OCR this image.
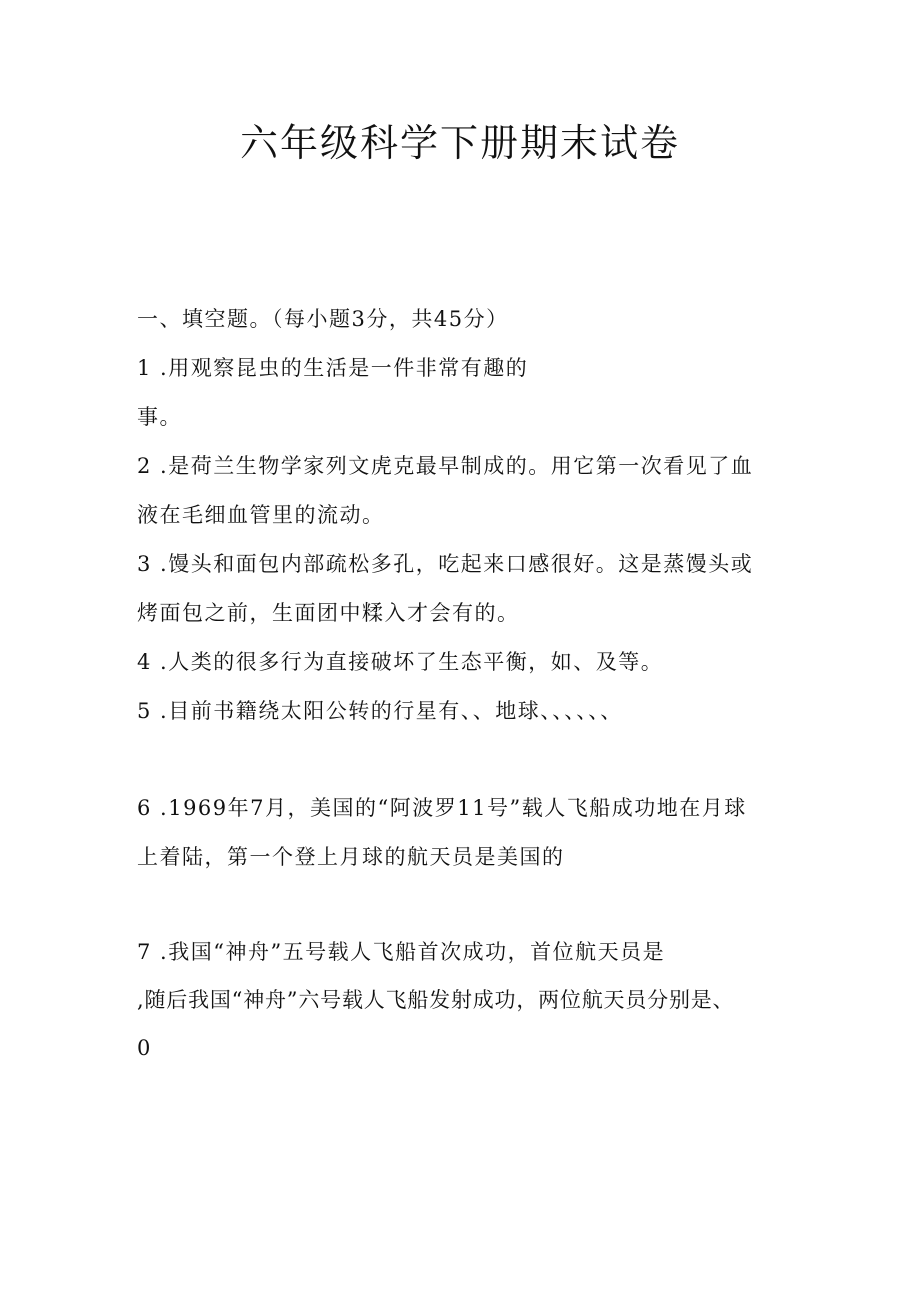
六年级科学下册期末试卷
一、填空题。（每小题3分，共45分）
1 .用观察昆虫的生活是一件非常有趣的
事。
2 .是荷兰生物学家列文虎克最早制成的。用它第一次看见了血
液在毛细血管里的流动。
3 .馒头和面包内部疏松多孔，吃起来口感很好。这是蒸馒头或
烤面包之前，生面团中糅入才会有的。
4 .人类的很多行为直接破坏了生态平衡，如、及等。
5 .目前书籍绕太阳公转的行星有、、地球、、、、、、
6 .1969年7月，美国的“阿波罗11号”载人飞船成功地在月球
上着陆，第一个登上月球的航天员是美国的
7 .我国“神舟”五号载人飞船首次成功，首位航天员是
,随后我国“神舟”六号载人飞船发射成功，两位航天员分别是、
0
